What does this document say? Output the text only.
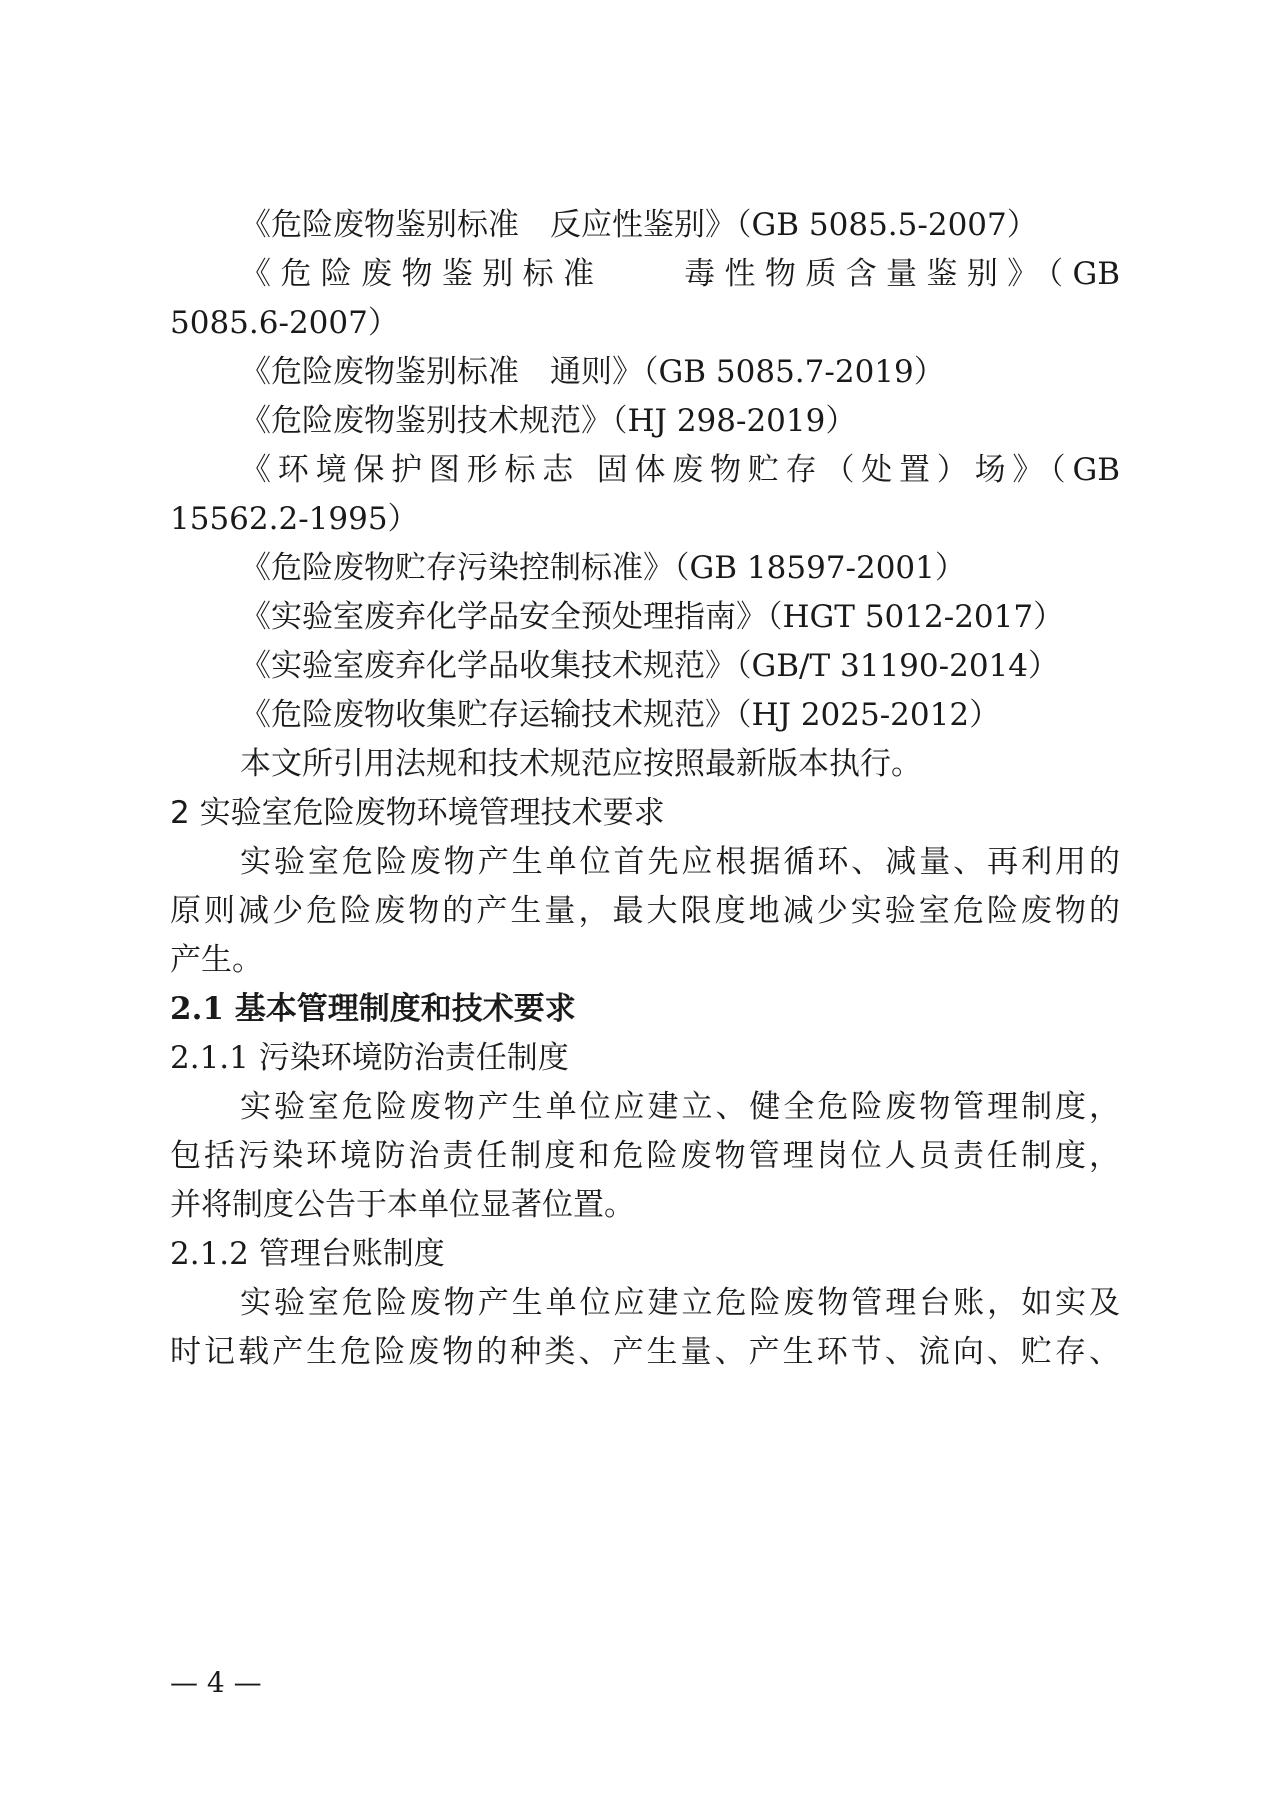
《危险废物鉴别标准　反应性鉴别》（GB 5085.5-2007）

《危险废物鉴别标准　　毒性物质含量鉴别》（GB

5085.6-2007）

《危险废物鉴别标准　通则》（GB 5085.7-2019）

《危险废物鉴别技术规范》（HJ 298-2019）

《环境保护图形标志 固体废物贮存（处置）场》（GB

15562.2-1995）

《危险废物贮存污染控制标准》（GB 18597-2001）

《实验室废弃化学品安全预处理指南》（HGT 5012-2017）

《实验室废弃化学品收集技术规范》（GB/T 31190-2014）

《危险废物收集贮存运输技术规范》（HJ 2025-2012）

本文所引用法规和技术规范应按照最新版本执行。

2 实验室危险废物环境管理技术要求

实验室危险废物产生单位首先应根据循环、减量、再利用的

原则减少危险废物的产生量，最大限度地减少实验室危险废物的

产生。

2.1 基本管理制度和技术要求

2.1.1 污染环境防治责任制度

实验室危险废物产生单位应建立、健全危险废物管理制度，

包括污染环境防治责任制度和危险废物管理岗位人员责任制度，

并将制度公告于本单位显著位置。

2.1.2 管理台账制度

实验室危险废物产生单位应建立危险废物管理台账，如实及

时记载产生危险废物的种类、产生量、产生环节、流向、贮存、

— 4 —
